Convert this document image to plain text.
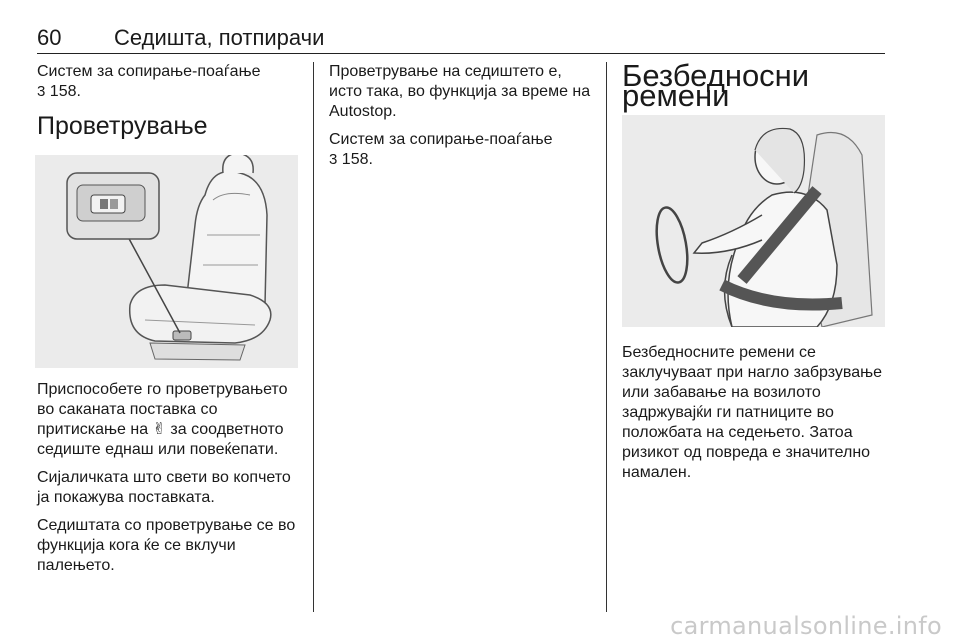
60 Седишта, потпирачи

Систем за сопирање-поаѓање
3 158.

Проветрување

Приспособете го проветрувањето во саканата поставка со притискање на ✌ за соодветното седиште еднаш или повеќепати.

Сијаличката што свети во копчето ја покажува поставката.

Седиштата со проветрување се во функција кога ќе се вклучи палењето.

Проветрување на седиштето е, исто така, во функција за време на Autostop.

Систем за сопирање-поаѓање
3 158.

Безбедносни ремени

Безбедносните ремени се заклучуваат при нагло забрзување или забавање на возилото задржувајќи ги патниците во положбата на седењето. Затоа ризикот од повреда е значително намален.

carmanualsonline.info
